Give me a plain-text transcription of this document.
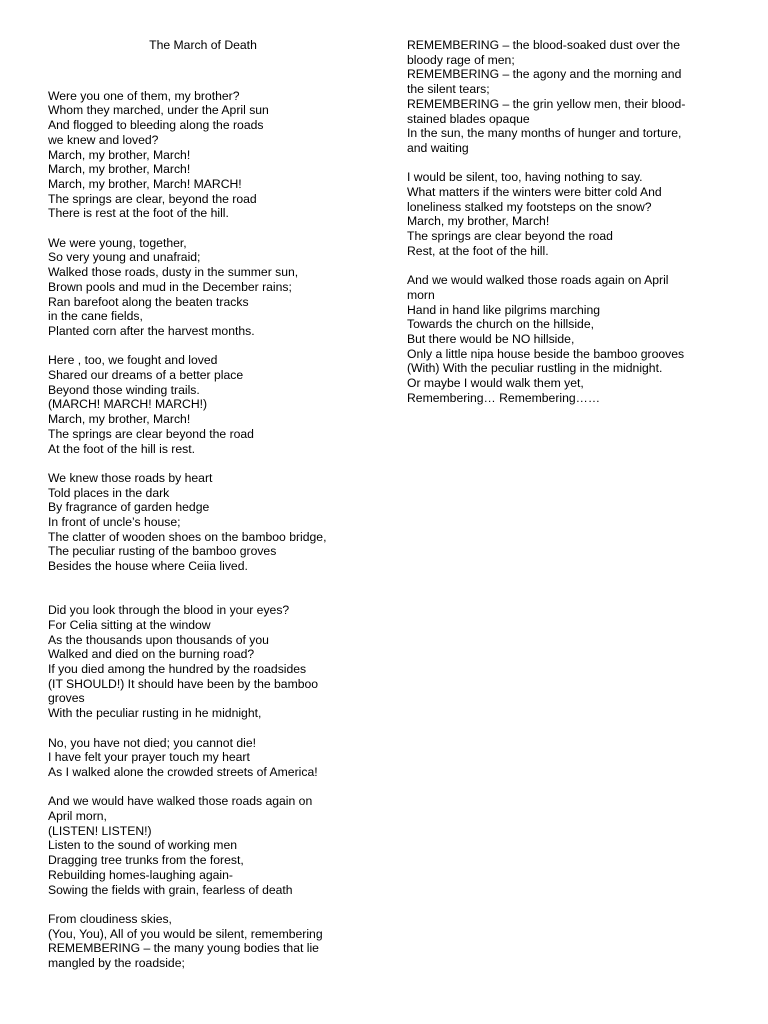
The March of Death
Were you one of them, my brother?
Whom they marched, under the April sun
And flogged to bleeding along the roads
we knew and loved?
March, my brother, March!
March, my brother, March!
March, my brother, March! MARCH!
The springs are clear, beyond the road
There is rest at the foot of the hill.
We were young, together,
So very young and unafraid;
Walked those roads, dusty in the summer sun,
Brown pools and mud in the December rains;
Ran barefoot along the beaten tracks
in the cane fields,
Planted corn after the harvest months.
Here , too, we fought and loved
Shared our dreams of a better place
Beyond those winding trails.
(MARCH! MARCH! MARCH!)
March, my brother, March!
The springs are clear beyond the road
At the foot of the hill is rest.
We knew those roads by heart
Told places in the dark
By fragrance of garden hedge
In front of uncle’s house;
The clatter of wooden shoes on the bamboo bridge,
The peculiar rusting of the bamboo groves
Besides the house where Ceiia lived.
Did you look through the blood in your eyes?
For Celia sitting at the window
As the thousands upon thousands of you
Walked and died on the burning road?
If you died among the hundred by the roadsides
(IT SHOULD!) It should have been by the bamboo
groves
With the peculiar rusting in he midnight,
No, you have not died; you cannot die!
I have felt your prayer touch my heart
As I walked alone the crowded streets of America!
And we would have walked those roads again on
April morn,
(LISTEN! LISTEN!)
Listen to the sound of working men
Dragging tree trunks from the forest,
Rebuilding homes-laughing again-
Sowing the fields with grain, fearless of death
From cloudiness skies,
(You, You), All of you would be silent, remembering
REMEMBERING – the many young bodies that lie
mangled by the roadside;
REMEMBERING – the blood-soaked dust over the
bloody rage of men;
REMEMBERING – the agony and the morning and
the silent tears;
REMEMBERING – the grin yellow men, their blood-
stained blades opaque
In the sun, the many months of hunger and torture,
and waiting
I would be silent, too, having nothing to say.
What matters if the winters were bitter cold And
loneliness stalked my footsteps on the snow?
March, my brother, March!
The springs are clear beyond the road
Rest, at the foot of the hill.
And we would walked those roads again on April
morn
Hand in hand like pilgrims marching
Towards the church on the hillside,
But there would be NO hillside,
Only a little nipa house beside the bamboo grooves
(With) With the peculiar rustling in the midnight.
Or maybe I would walk them yet,
Remembering… Remembering……
